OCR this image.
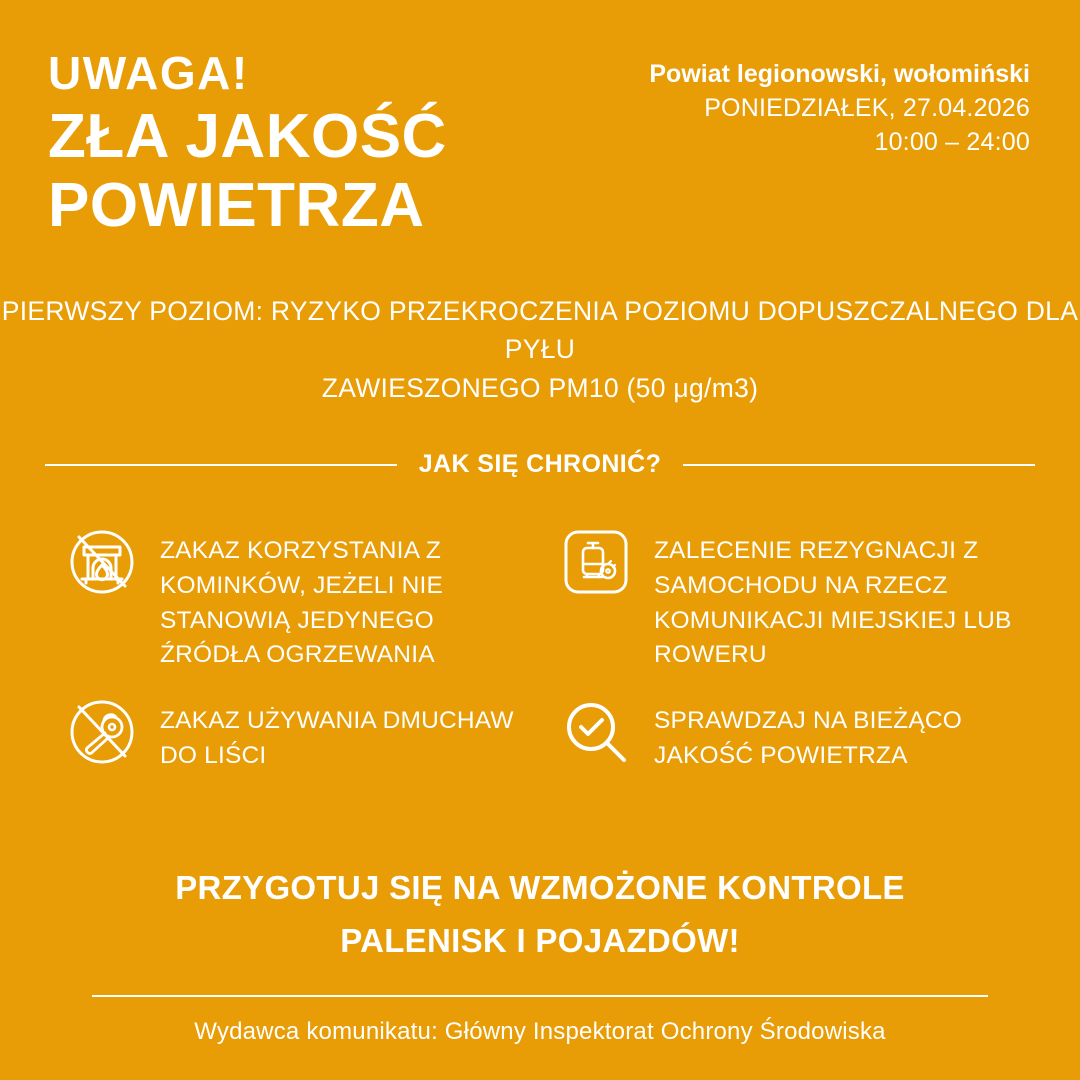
UWAGA!
ZŁA JAKOŚĆ
POWIETRZA
Powiat legionowski, wołomiński
PONIEDZIAŁEK, 27.04.2026
10:00 – 24:00
PIERWSZY POZIOM: RYZYKO PRZEKROCZENIA POZIOMU DOPUSZCZALNEGO DLA PYŁU
ZAWIESZONEGO PM10 (50 μg/m3)
JAK SIĘ CHRONIĆ?
ZAKAZ KORZYSTANIA Z KOMINKÓW, JEŻELI NIE STANOWIĄ JEDYNEGO ŹRÓDŁA OGRZEWANIA
ZALECENIE REZYGNACJI Z SAMOCHODU NA RZECZ KOMUNIKACJI MIEJSKIEJ LUB ROWERU
ZAKAZ UŻYWANIA DMUCHAW DO LIŚCI
SPRAWDZAJ NA BIEŻĄCO JAKOŚĆ POWIETRZA
PRZYGOTUJ SIĘ NA WZMOŻONE KONTROLE
PALENISK I POJAZDÓW!
Wydawca komunikatu: Główny Inspektorat Ochrony Środowiska
